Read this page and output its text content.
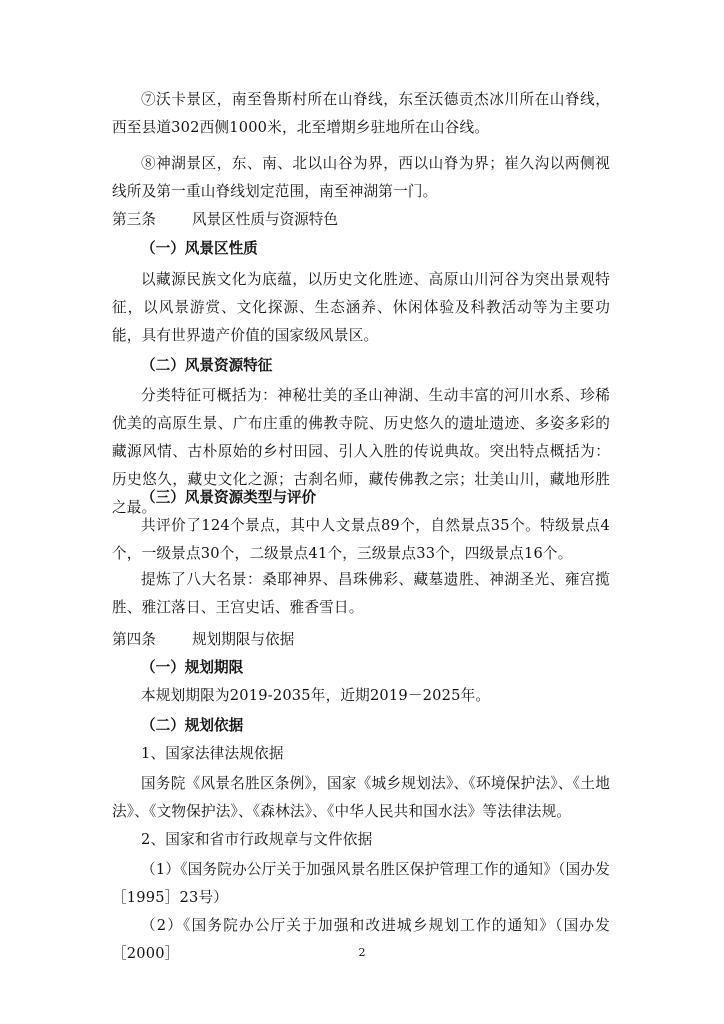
⑦沃卡景区，南至鲁斯村所在山脊线，东至沃德贡杰冰川所在山脊线，西至县道302西侧1000米，北至增期乡驻地所在山谷线。

⑧神湖景区，东、南、北以山谷为界，西以山脊为界；崔久沟以两侧视线所及第一重山脊线划定范围，南至神湖第一门。

第三条 风景区性质与资源特色
（一）风景区性质

以藏源民族文化为底蕴，以历史文化胜迹、高原山川河谷为突出景观特征，以风景游赏、文化探源、生态涵养、休闲体验及科教活动等为主要功能，具有世界遗产价值的国家级风景区。

（二）风景资源特征

分类特征可概括为：神秘壮美的圣山神湖、生动丰富的河川水系、珍稀优美的高原生景、广布庄重的佛教寺院、历史悠久的遗址遗迹、多姿多彩的藏源风情、古朴原始的乡村田园、引人入胜的传说典故。突出特点概括为：历史悠久，藏史文化之源；古刹名师，藏传佛教之宗；壮美山川，藏地形胜之最。

（三）风景资源类型与评价

共评价了124个景点，其中人文景点89个，自然景点35个。特级景点4个，一级景点30个，二级景点41个，三级景点33个，四级景点16个。

提炼了八大名景：桑耶神界、昌珠佛彩、藏墓遗胜、神湖圣光、雍宫揽胜、雅江落日、王宫史话、雅香雪日。

第四条 规划期限与依据
（一）规划期限

本规划期限为2019-2035年，近期2019－2025年。

（二）规划依据

1、国家法律法规依据

国务院《风景名胜区条例》，国家《城乡规划法》、《环境保护法》、《土地法》、《文物保护法》、《森林法》、《中华人民共和国水法》等法律法规。

2、国家和省市行政规章与文件依据

（1）《国务院办公厅关于加强风景名胜区保护管理工作的通知》（国办发［1995］23号）

（2）《国务院办公厅关于加强和改进城乡规划工作的通知》（国办发［2000］	2
